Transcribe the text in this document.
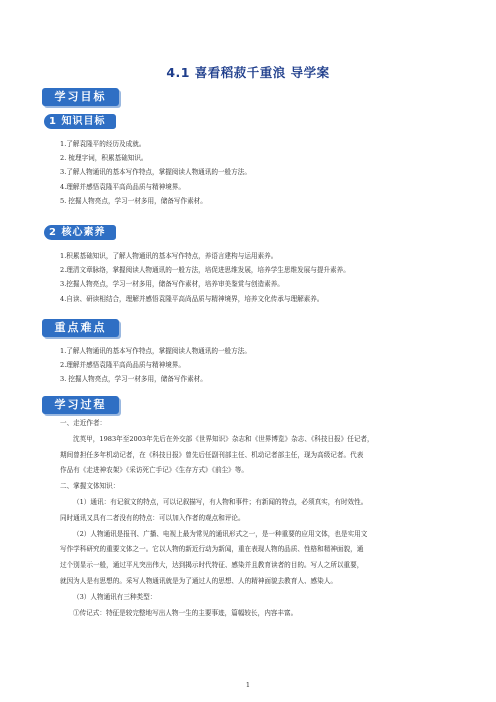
4.1 喜看稻菽千重浪 导学案
学习目标
1 知识目标
1.了解袁隆平的经历及成就。
2. 梳理字词，积累基础知识。
3.了解人物通讯的基本写作特点，掌握阅读人物通讯的一般方法。
4.理解并感悟袁隆平高尚品质与精神境界。
5. 挖掘人物亮点，学习一材多用，储备写作素材。
2 核心素养
1.积累基础知识，了解人物通讯的基本写作特点，养语言建构与运用素养。
2.理清文章脉络，掌握阅读人物通讯的一般方法，培促进思维发展，培养学生思维发展与提升素养。
3.挖掘人物亮点，学习一材多用，储备写作素材，培养审美鉴赏与创造素养。
4.自读、研读相结合，理解并感悟袁隆平高尚品质与精神境界，培养文化传承与理解素养。
重点难点
1.了解人物通讯的基本写作特点，掌握阅读人物通讯的一般方法。
2.理解并感悟袁隆平高尚品质与精神境界。
3. 挖掘人物亮点，学习一材多用，储备写作素材。
学习过程
一、走近作者：
沈英甲，1983年至2003年先后在外交部《世界知识》杂志和《世界博览》杂志、《科技日报》任记者，
期间曾担任多年机动记者，在《科技日报》曾先后任副刊部主任、机动记者部主任，现为高级记者。代表
作品有《走进神农架》《采访死亡手记》《生存方式》《前尘》等。
二、掌握文体知识：
（1）通讯：有记叙文的特点，可以记叙描写，有人物和事件；有新闻的特点，必须真实，有时效性。
同时通讯又具有二者没有的特点：可以加入作者的观点和评论。
（2）人物通讯是报刊、广播、电视上最为常见的通讯形式之一，是一种重要的应用文体，也是实用文
写作学科研究的重要文体之一。它以人物的新近行动为新闻，重在表现人物的品质、性格和精神面貌，通
过个别显示一般，通过平凡突出伟大，达到揭示时代特征、感染并且教育读者的目的。写人之所以重要，
就因为人是有思想的。采写人物通讯就是为了通过人的思想、人的精神面貌去教育人、感染人。
（3）人物通讯有三种类型：
①传记式：特征是较完整地写出人物一生的主要事迹，篇幅较长，内容丰富。
1
